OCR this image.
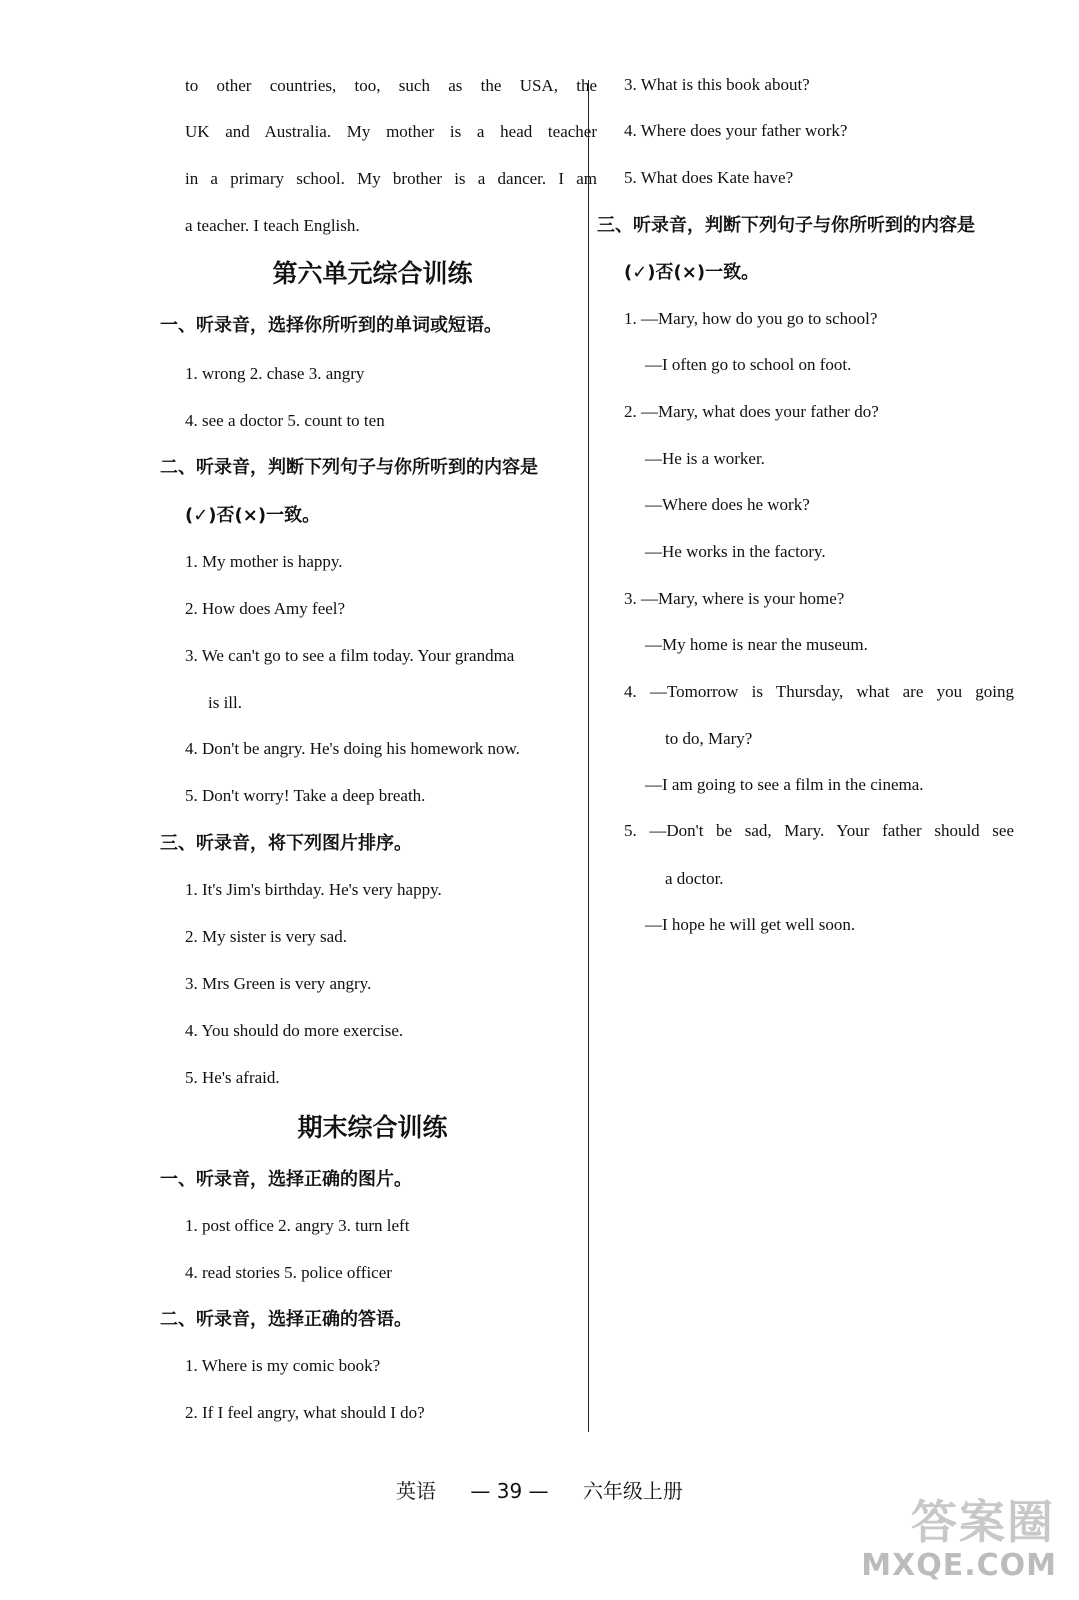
to other countries, too, such as the USA, the
UK and Australia. My mother is a head teacher
in a primary school. My brother is a dancer. I am
a teacher. I teach English.
第六单元综合训练
一、听录音，选择你所听到的单词或短语。
1. wrong 2. chase 3. angry
4. see a doctor 5. count to ten
二、听录音，判断下列句子与你所听到的内容是
(✓)否(×)一致。
1. My mother is happy.
2. How does Amy feel?
3. We can't go to see a film today. Your grandma
is ill.
4. Don't be angry. He's doing his homework now.
5. Don't worry! Take a deep breath.
三、听录音，将下列图片排序。
1. It's Jim's birthday. He's very happy.
2. My sister is very sad.
3. Mrs Green is very angry.
4. You should do more exercise.
5. He's afraid.
期末综合训练
一、听录音，选择正确的图片。
1. post office 2. angry 3. turn left
4. read stories 5. police officer
二、听录音，选择正确的答语。
1. Where is my comic book?
2. If I feel angry, what should I do?
3. What is this book about?
4. Where does your father work?
5. What does Kate have?
三、听录音，判断下列句子与你所听到的内容是
(✓)否(×)一致。
1. —Mary, how do you go to school?
—I often go to school on foot.
2. —Mary, what does your father do?
—He is a worker.
—Where does he work?
—He works in the factory.
3. —Mary, where is your home?
—My home is near the museum.
4. —Tomorrow is Thursday, what are you going
to do, Mary?
—I am going to see a film in the cinema.
5. —Don't be sad, Mary. Your father should see
a doctor.
—I hope he will get well soon.
英语 — 39 — 六年级上册
答案圈
MXQE.COM
